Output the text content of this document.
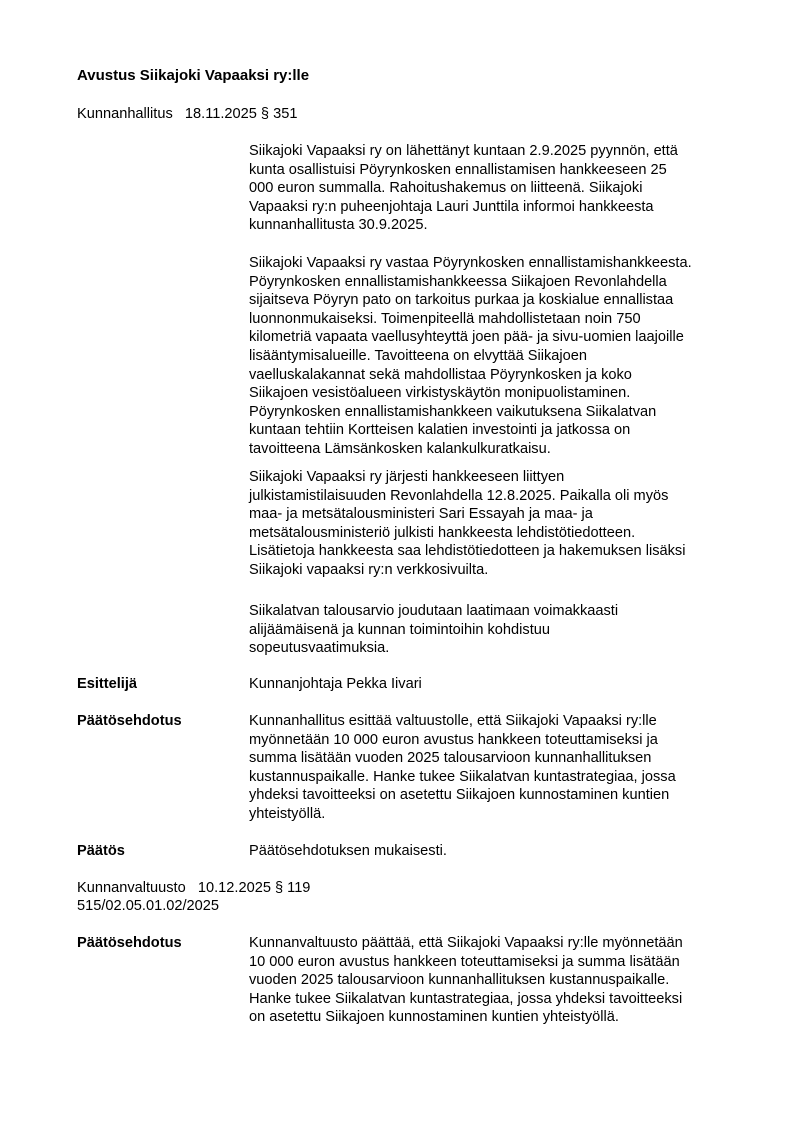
Avustus Siikajoki Vapaaksi ry:lle
Kunnanhallitus   18.11.2025 § 351
Siikajoki Vapaaksi ry on lähettänyt kuntaan 2.9.2025 pyynnön, että
kunta osallistuisi Pöyrynkosken ennallistamisen hankkeeseen 25
000 euron summalla. Rahoitushakemus on liitteenä. Siikajoki
Vapaaksi ry:n puheenjohtaja Lauri Junttila informoi hankkeesta
kunnanhallitusta 30.9.2025.
Siikajoki Vapaaksi ry vastaa Pöyrynkosken ennallistamishankkeesta.
Pöyrynkosken ennallistamishankkeessa Siikajoen Revonlahdella
sijaitseva Pöyryn pato on tarkoitus purkaa ja koskialue ennallistaa
luonnonmukaiseksi. Toimenpiteellä mahdollistetaan noin 750
kilometriä vapaata vaellusyhteyttä joen pää- ja sivu-uomien laajoille
lisääntymisalueille. Tavoitteena on elvyttää Siikajoen
vaelluskalakannat sekä mahdollistaa Pöyrynkosken ja koko
Siikajoen vesistöalueen virkistyskäytön monipuolistaminen.
Pöyrynkosken ennallistamishankkeen vaikutuksena Siikalatvan
kuntaan tehtiin Kortteisen kalatien investointi ja jatkossa on
tavoitteena Lämsänkosken kalankulkuratkaisu.
Siikajoki Vapaaksi ry järjesti hankkeeseen liittyen
julkistamistilaisuuden Revonlahdella 12.8.2025. Paikalla oli myös
maa- ja metsätalousministeri Sari Essayah ja maa- ja
metsätalousministeriö julkisti hankkeesta lehdistötiedotteen.
Lisätietoja hankkeesta saa lehdistötiedotteen ja hakemuksen lisäksi
Siikajoki vapaaksi ry:n verkkosivuilta.
Siikalatvan talousarvio joudutaan laatimaan voimakkaasti
alijäämäisenä ja kunnan toimintoihin kohdistuu
sopeutusvaatimuksia.
Esittelijä	Kunnanjohtaja Pekka Iivari
Päätösehdotus	Kunnanhallitus esittää valtuustolle, että Siikajoki Vapaaksi ry:lle
myönnetään 10 000 euron avustus hankkeen toteuttamiseksi ja
summa lisätään vuoden 2025 talousarvioon kunnanhallituksen
kustannuspaikalle. Hanke tukee Siikalatvan kuntastrategiaa, jossa
yhdeksi tavoitteeksi on asetettu Siikajoen kunnostaminen kuntien
yhteistyöllä.
Päätös	Päätösehdotuksen mukaisesti.
Kunnanvaltuusto   10.12.2025 § 119
515/02.05.01.02/2025
Päätösehdotus	Kunnanvaltuusto päättää, että Siikajoki Vapaaksi ry:lle myönnetään
10 000 euron avustus hankkeen toteuttamiseksi ja summa lisätään
vuoden 2025 talousarvioon kunnanhallituksen kustannuspaikalle.
Hanke tukee Siikalatvan kuntastrategiaa, jossa yhdeksi tavoitteeksi
on asetettu Siikajoen kunnostaminen kuntien yhteistyöllä.
